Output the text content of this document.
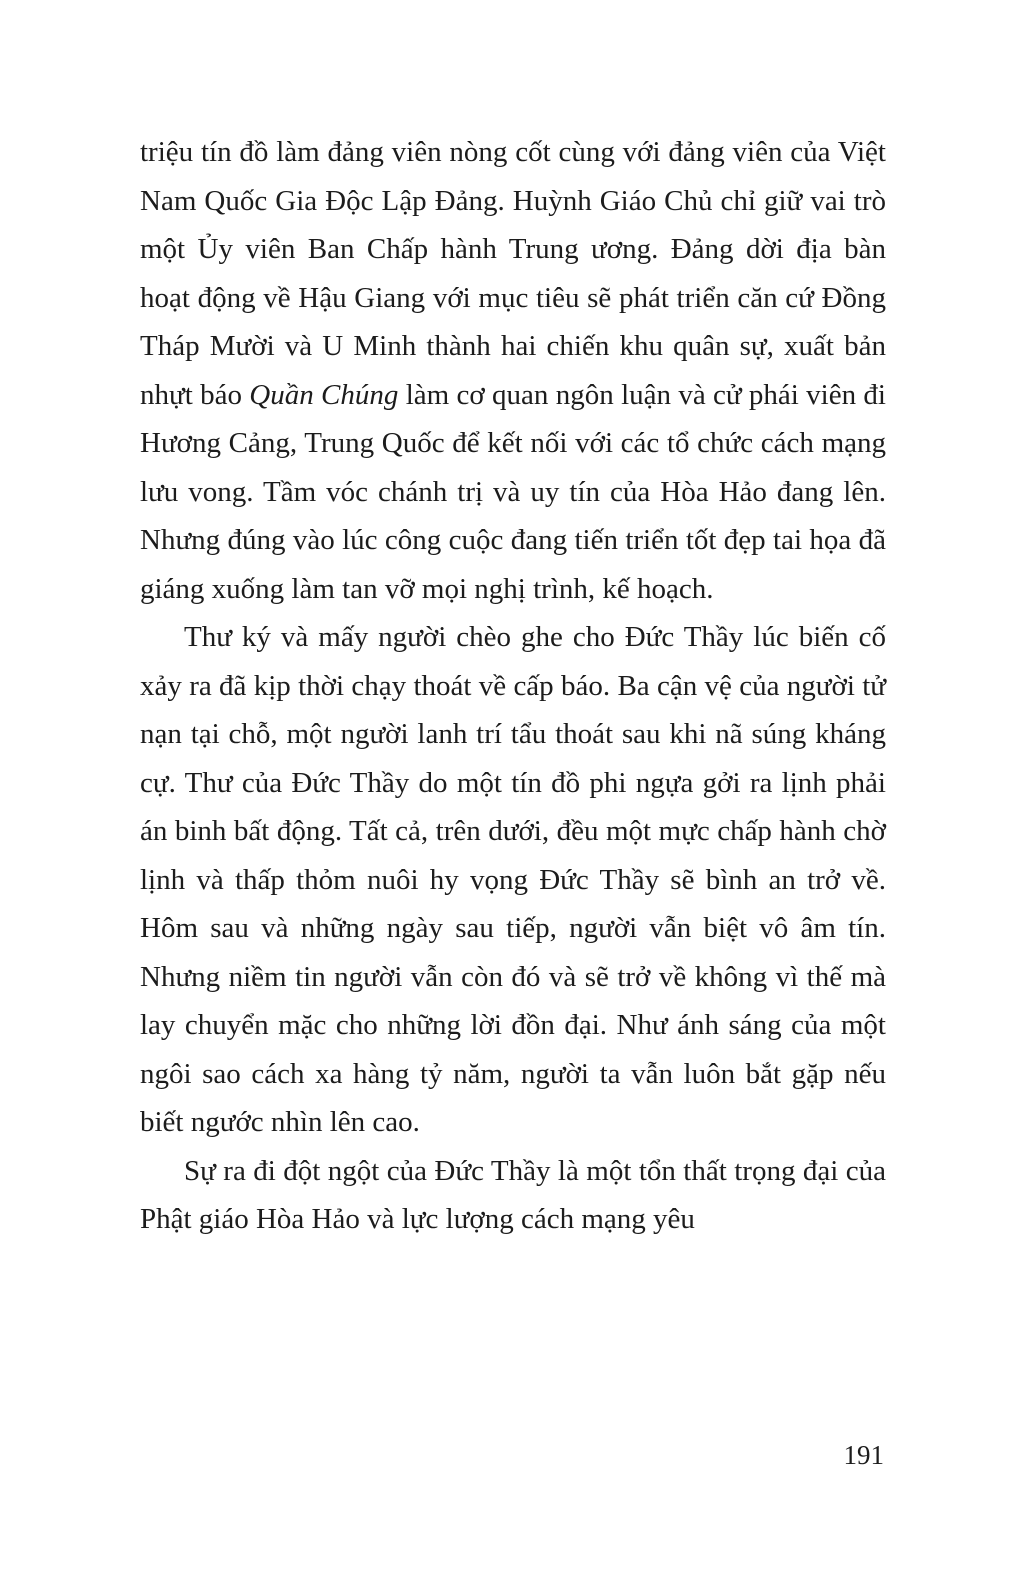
triệu tín đồ làm đảng viên nòng cốt cùng với đảng viên của Việt Nam Quốc Gia Độc Lập Đảng. Huỳnh Giáo Chủ chỉ giữ vai trò một Ủy viên Ban Chấp hành Trung ương. Đảng dời địa bàn hoạt động về Hậu Giang với mục tiêu sẽ phát triển căn cứ Đồng Tháp Mười và U Minh thành hai chiến khu quân sự, xuất bản nhựt báo Quần Chúng làm cơ quan ngôn luận và cử phái viên đi Hương Cảng, Trung Quốc để kết nối với các tổ chức cách mạng lưu vong. Tầm vóc chánh trị và uy tín của Hòa Hảo đang lên. Nhưng đúng vào lúc công cuộc đang tiến triển tốt đẹp tai họa đã giáng xuống làm tan vỡ mọi nghị trình, kế hoạch.

Thư ký và mấy người chèo ghe cho Đức Thầy lúc biến cố xảy ra đã kịp thời chạy thoát về cấp báo. Ba cận vệ của người tử nạn tại chỗ, một người lanh trí tẩu thoát sau khi nã súng kháng cự. Thư của Đức Thầy do một tín đồ phi ngựa gởi ra lịnh phải án binh bất động. Tất cả, trên dưới, đều một mực chấp hành chờ lịnh và thấp thỏm nuôi hy vọng Đức Thầy sẽ bình an trở về. Hôm sau và những ngày sau tiếp, người vẫn biệt vô âm tín. Nhưng niềm tin người vẫn còn đó và sẽ trở về không vì thế mà lay chuyển mặc cho những lời đồn đại. Như ánh sáng của một ngôi sao cách xa hàng tỷ năm, người ta vẫn luôn bắt gặp nếu biết ngước nhìn lên cao.

Sự ra đi đột ngột của Đức Thầy là một tổn thất trọng đại của Phật giáo Hòa Hảo và lực lượng cách mạng yêu

191
